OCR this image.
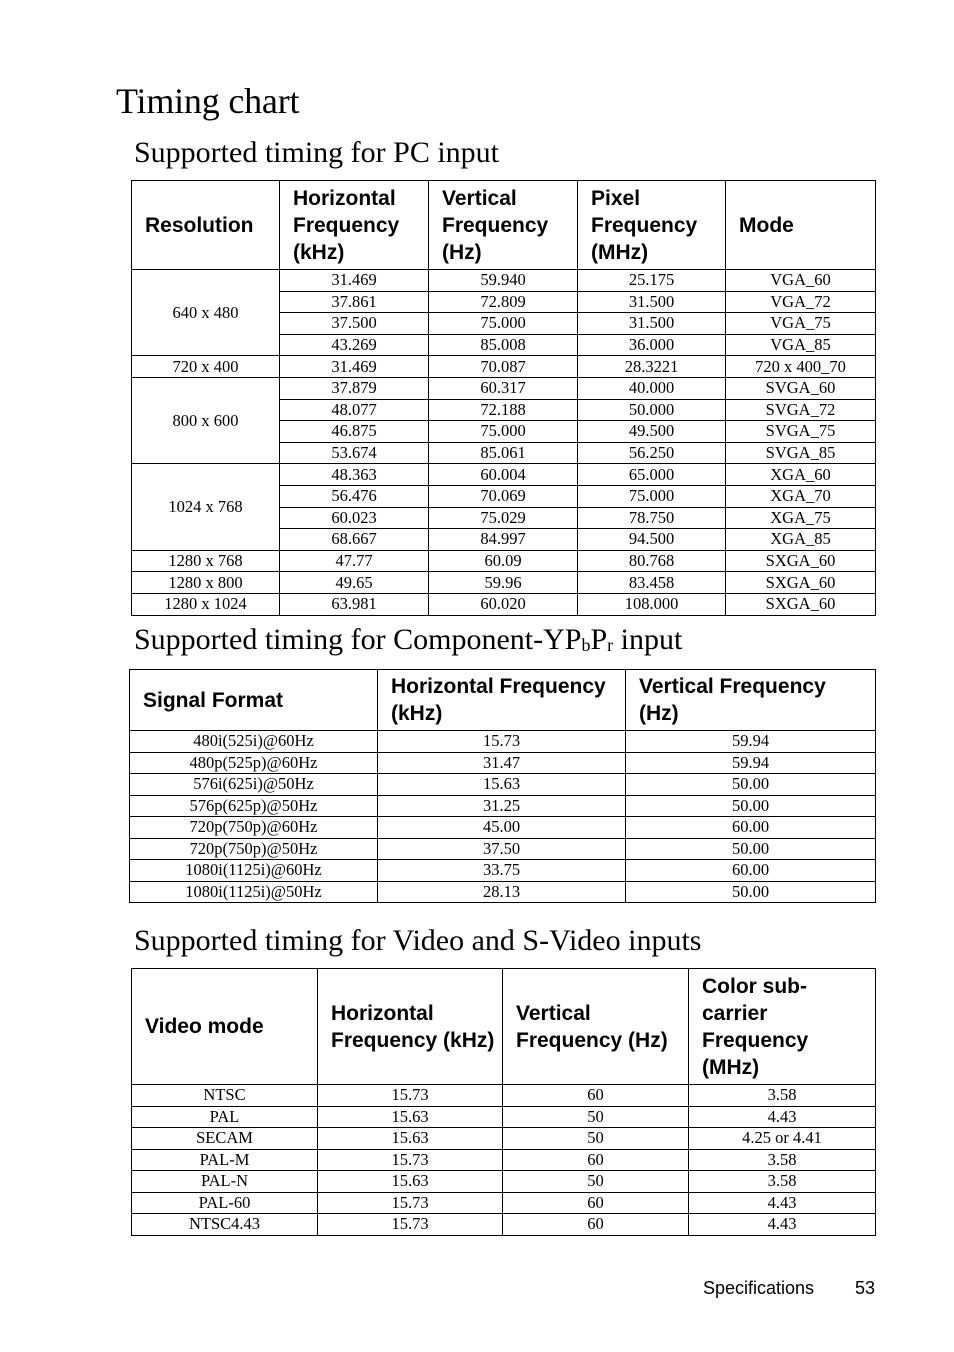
Timing chart
Supported timing for PC input
Resolution	Horizontal Frequency (kHz)	Vertical Frequency (Hz)	Pixel Frequency (MHz)	Mode
640 x 480	31.469	59.940	25.175	VGA_60
	37.861	72.809	31.500	VGA_72
	37.500	75.000	31.500	VGA_75
	43.269	85.008	36.000	VGA_85
720 x 400	31.469	70.087	28.3221	720 x 400_70
800 x 600	37.879	60.317	40.000	SVGA_60
	48.077	72.188	50.000	SVGA_72
	46.875	75.000	49.500	SVGA_75
	53.674	85.061	56.250	SVGA_85
1024 x 768	48.363	60.004	65.000	XGA_60
	56.476	70.069	75.000	XGA_70
	60.023	75.029	78.750	XGA_75
	68.667	84.997	94.500	XGA_85
1280 x 768	47.77	60.09	80.768	SXGA_60
1280 x 800	49.65	59.96	83.458	SXGA_60
1280 x 1024	63.981	60.020	108.000	SXGA_60
Supported timing for Component-$YP_bP_r$ input
Signal Format	Horizontal Frequency (kHz)	Vertical Frequency (Hz)
480i(525i)@60Hz	15.73	59.94
480p(525p)@60Hz	31.47	59.94
576i(625i)@50Hz	15.63	50.00
576p(625p)@50Hz	31.25	50.00
720p(750p)@60Hz	45.00	60.00
720p(750p)@50Hz	37.50	50.00
1080i(1125i)@60Hz	33.75	60.00
1080i(1125i)@50Hz	28.13	50.00
Supported timing for Video and S-Video inputs
Video mode	Horizontal Frequency (kHz)	Vertical Frequency (Hz)	Color sub-carrier Frequency (MHz)
NTSC	15.73	60	3.58
PAL	15.63	50	4.43
SECAM	15.63	50	4.25 or 4.41
PAL-M	15.73	60	3.58
PAL-N	15.63	50	3.58
PAL-60	15.73	60	4.43
NTSC4.43	15.73	60	4.43
Specifications 53
